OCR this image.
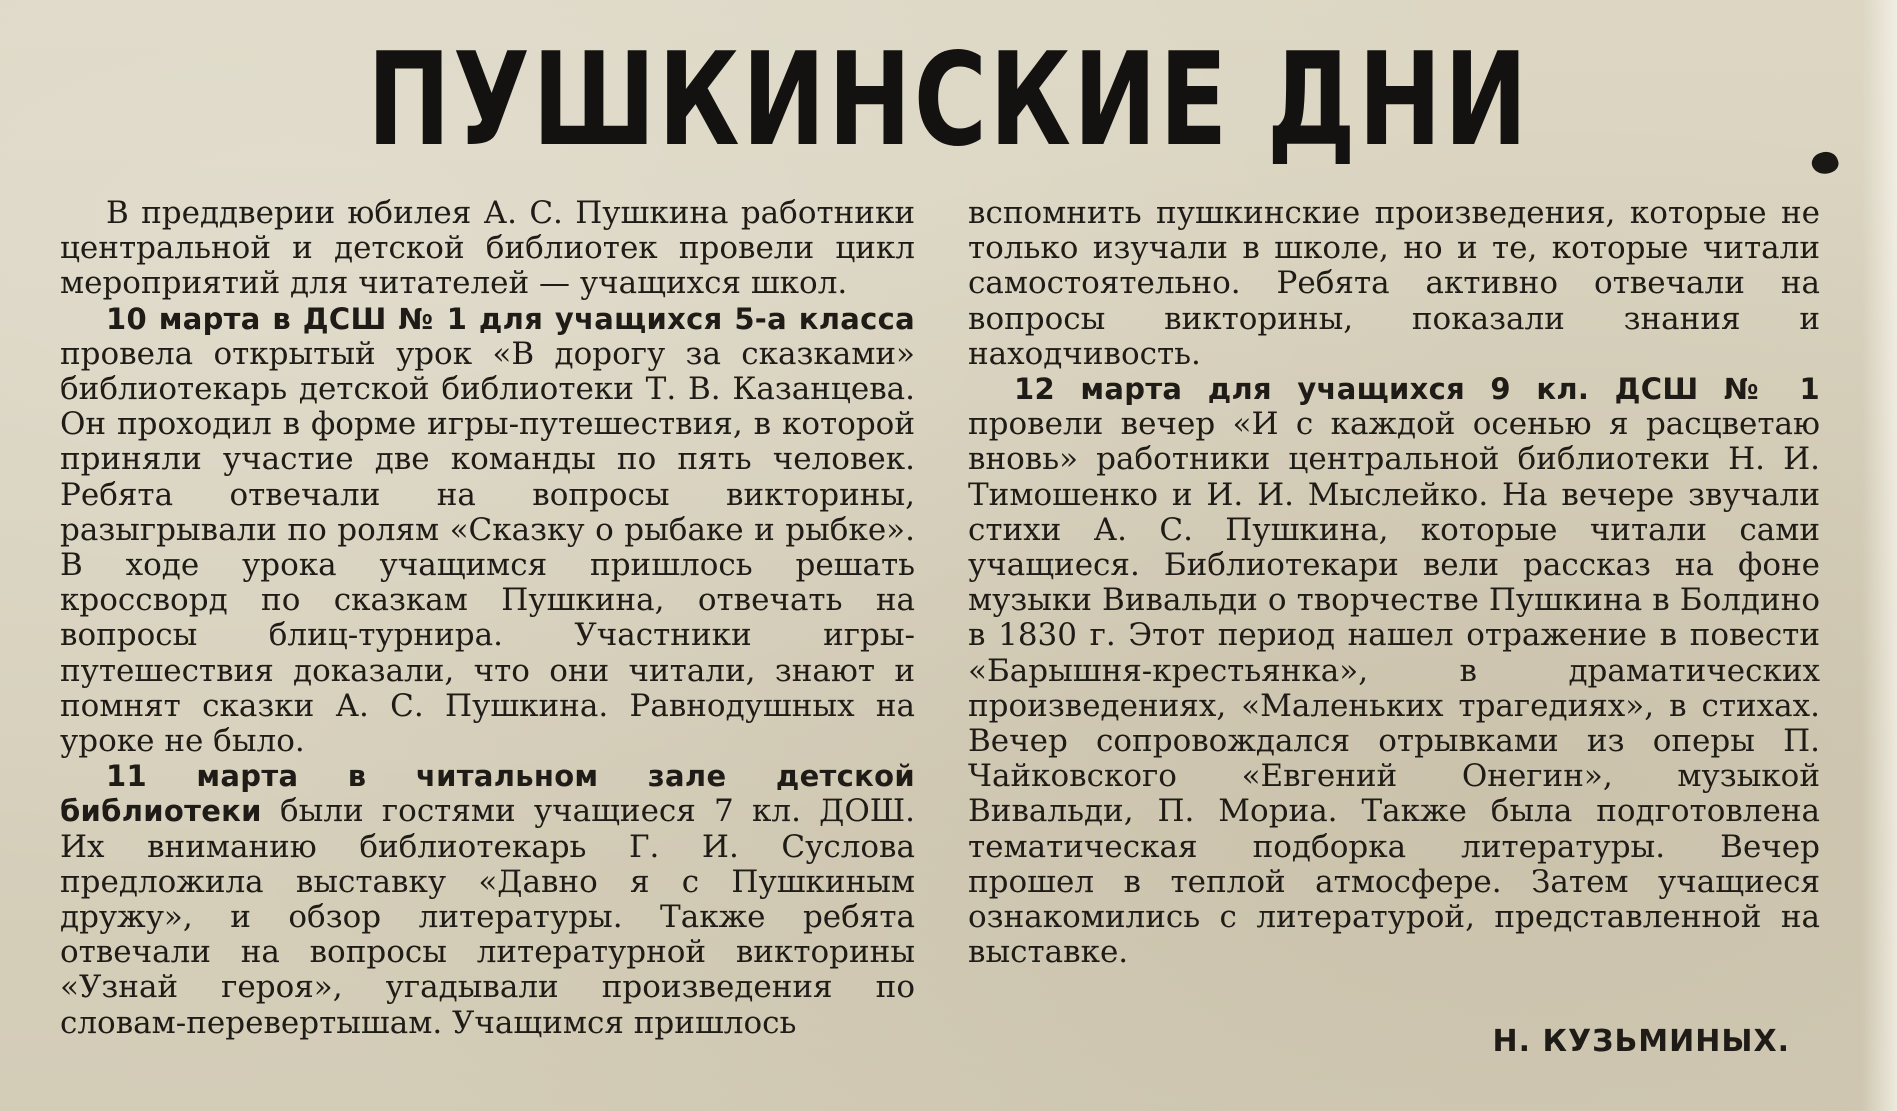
ПУШКИНСКИЕ ДНИ

В преддверии юбилея А. С. Пушкина работники центральной и детской библиотек провели цикл мероприятий для читателей — учащихся школ.

10 марта в ДСШ № 1 для учащихся 5-а класса провела открытый урок «В дорогу за сказками» библиотекарь детской библиотеки Т. В. Казанцева. Он проходил в форме игры-путешествия, в которой приняли участие две команды по пять человек. Ребята отвечали на вопросы викторины, разыгрывали по ролям «Сказку о рыбаке и рыбке». В ходе урока учащимся пришлось решать кроссворд по сказкам Пушкина, отвечать на вопросы блиц-турнира. Участники игры-путешествия доказали, что они читали, знают и помнят сказки А. С. Пушкина. Равнодушных на уроке не было.

11 марта в читальном зале детской библиотеки были гостями учащиеся 7 кл. ДОШ. Их вниманию библиотекарь Г. И. Суслова предложила выставку «Давно я с Пушкиным дружу», и обзор литературы. Также ребята отвечали на вопросы литературной викторины «Узнай героя», угадывали произведения по словам-перевертышам. Учащимся пришлось

вспомнить пушкинские произведения, которые не только изучали в школе, но и те, которые читали самостоятельно. Ребята активно отвечали на вопросы викторины, показали знания и находчивость.

12 марта для учащихся 9 кл. ДСШ № 1 провели вечер «И с каждой осенью я расцветаю вновь» работники центральной библиотеки Н. И. Тимошенко и И. И. Мыслейко. На вечере звучали стихи А. С. Пушкина, которые читали сами учащиеся. Библиотекари вели рассказ на фоне музыки Вивальди о творчестве Пушкина в Болдино в 1830 г. Этот период нашел отражение в повести «Барышня-крестьянка», в драматических произведениях, «Маленьких трагедиях», в стихах. Вечер сопровождался отрывками из оперы П. Чайковского «Евгений Онегин», музыкой Вивальди, П. Мориа. Также была подготовлена тематическая подборка литературы. Вечер прошел в теплой атмосфере. Затем учащиеся ознакомились с литературой, представленной на выставке.

Н. КУЗЬМИНЫХ.
